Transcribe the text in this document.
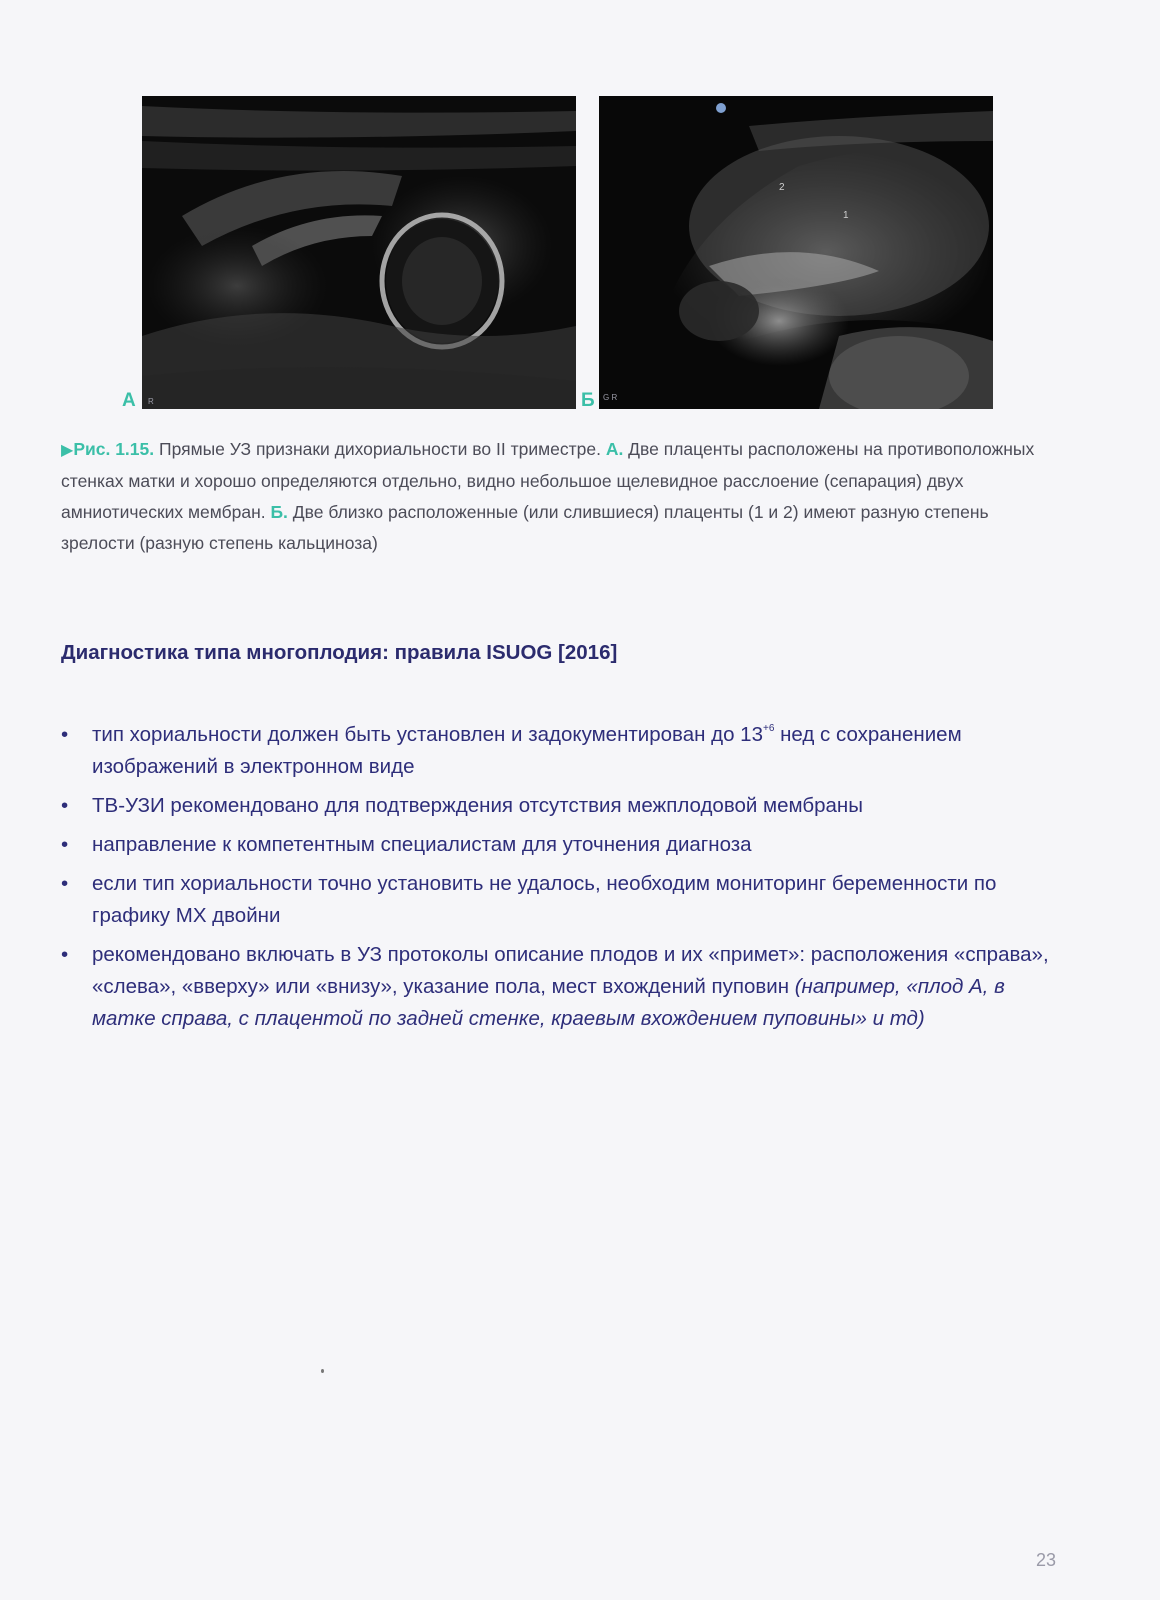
А R
2
1
Б G R
▶Рис. 1.15. Прямые УЗ признаки дихориальности во II триместре. А. Две плаценты расположены на противоположных стенках матки и хорошо определяются отдельно, видно небольшое щелевидное расслоение (сепарация) двух амниотических мембран. Б. Две близко расположенные (или слившиеся) плаценты (1 и 2) имеют разную степень зрелости (разную степень кальциноза)
Диагностика типа многоплодия: правила ISUOG [2016]
• тип хориальности должен быть установлен и задокументирован до $13^{+6}$ нед с сохранением изображений в электронном виде
• ТВ-УЗИ рекомендовано для подтверждения отсутствия межплодовой мембраны
• направление к компетентным специалистам для уточнения диагноза
• если тип хориальности точно установить не удалось, необходим мониторинг беременности по графику МХ двойни
• рекомендовано включать в УЗ протоколы описание плодов и их «примет»: расположения «справа», «слева», «вверху» или «внизу», указание пола, мест вхождений пуповин (например, «плод А, в матке справа, с плацентой по задней стенке, краевым вхождением пуповины» и тд)
23
